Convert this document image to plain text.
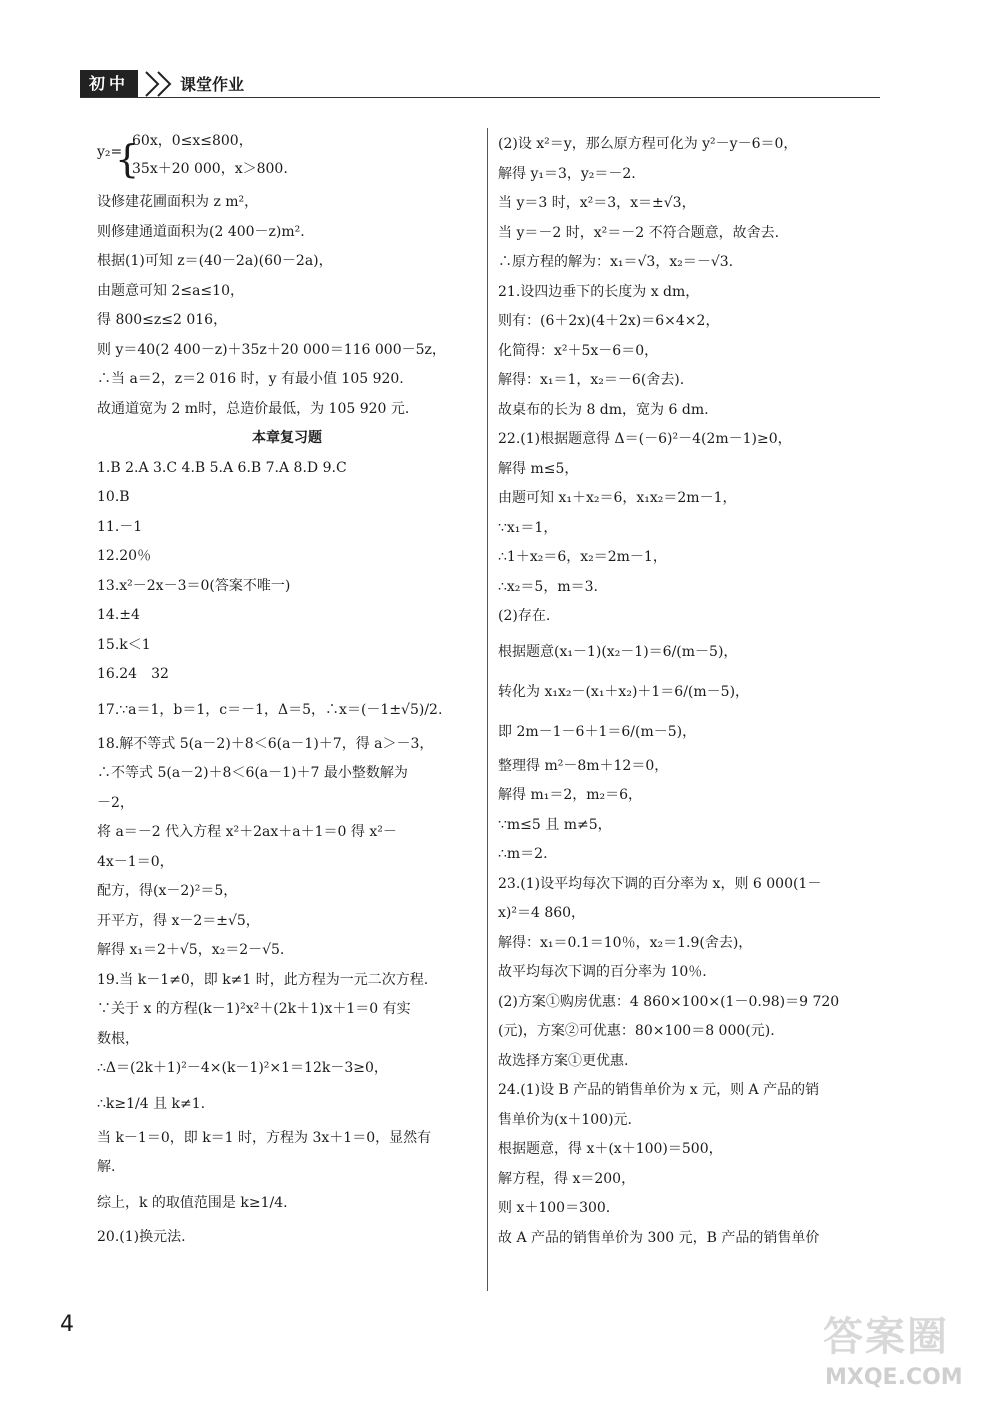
初中	课堂作业
y₂=
{
60x，0≤x≤800，
35x＋20 000，x＞800.
设修建花圃面积为 z m²，
则修建通道面积为(2 400－z)m².
根据(1)可知 z＝(40－2a)(60－2a)，
由题意可知 2≤a≤10，
得 800≤z≤2 016，
则 y＝40(2 400－z)＋35z＋20 000＝116 000－5z，
∴当 a＝2，z＝2 016 时，y 有最小值 105 920.
故通道宽为 2 m时，总造价最低，为 105 920 元.
本章复习题
1.B 2.A 3.C 4.B 5.A 6.B 7.A 8.D 9.C
10.B
11.－1
12.20％
13.x²－2x－3＝0(答案不唯一)
14.±4
15.k＜1
16.24　32
17.∵a＝1，b＝1，c＝－1，Δ＝5，∴x＝(－1±√5)/2.
18.解不等式 5(a－2)＋8＜6(a－1)＋7，得 a＞－3，
∴不等式 5(a－2)＋8＜6(a－1)＋7 最小整数解为
－2，
将 a＝－2 代入方程 x²＋2ax＋a＋1＝0 得 x²－
4x－1＝0，
配方，得(x－2)²＝5，
开平方，得 x－2＝±√5，
解得 x₁＝2＋√5，x₂＝2－√5.
19.当 k－1≠0，即 k≠1 时，此方程为一元二次方程.
∵关于 x 的方程(k－1)²x²＋(2k＋1)x＋1＝0 有实
数根，
∴Δ＝(2k＋1)²－4×(k－1)²×1＝12k－3≥0，
∴k≥1/4 且 k≠1.
当 k－1＝0，即 k＝1 时，方程为 3x＋1＝0，显然有
解.
综上，k 的取值范围是 k≥1/4.
20.(1)换元法.
(2)设 x²＝y，那么原方程可化为 y²－y－6＝0，
解得 y₁＝3，y₂＝－2.
当 y＝3 时，x²＝3，x＝±√3，
当 y＝－2 时，x²＝－2 不符合题意，故舍去.
∴原方程的解为：x₁＝√3，x₂＝－√3.
21.设四边垂下的长度为 x dm，
则有：(6＋2x)(4＋2x)＝6×4×2，
化简得：x²＋5x－6＝0，
解得：x₁＝1，x₂＝－6(舍去).
故桌布的长为 8 dm，宽为 6 dm.
22.(1)根据题意得 Δ＝(－6)²－4(2m－1)≥0，
解得 m≤5，
由题可知 x₁＋x₂＝6，x₁x₂＝2m－1，
∵x₁＝1，
∴1＋x₂＝6，x₂＝2m－1，
∴x₂＝5，m＝3.
(2)存在.
根据题意(x₁－1)(x₂－1)＝6/(m－5)，
转化为 x₁x₂－(x₁＋x₂)＋1＝6/(m－5)，
即 2m－1－6＋1＝6/(m－5)，
整理得 m²－8m＋12＝0，
解得 m₁＝2，m₂＝6，
∵m≤5 且 m≠5，
∴m＝2.
23.(1)设平均每次下调的百分率为 x，则 6 000(1－
x)²＝4 860，
解得：x₁＝0.1＝10％，x₂＝1.9(舍去)，
故平均每次下调的百分率为 10％.
(2)方案①购房优惠：4 860×100×(1－0.98)＝9 720
(元)，方案②可优惠：80×100＝8 000(元).
故选择方案①更优惠.
24.(1)设 B 产品的销售单价为 x 元，则 A 产品的销
售单价为(x＋100)元.
根据题意，得 x＋(x＋100)＝500，
解方程，得 x＝200，
则 x＋100＝300.
故 A 产品的销售单价为 300 元，B 产品的销售单价
4	答案圈
MXQE.COM
